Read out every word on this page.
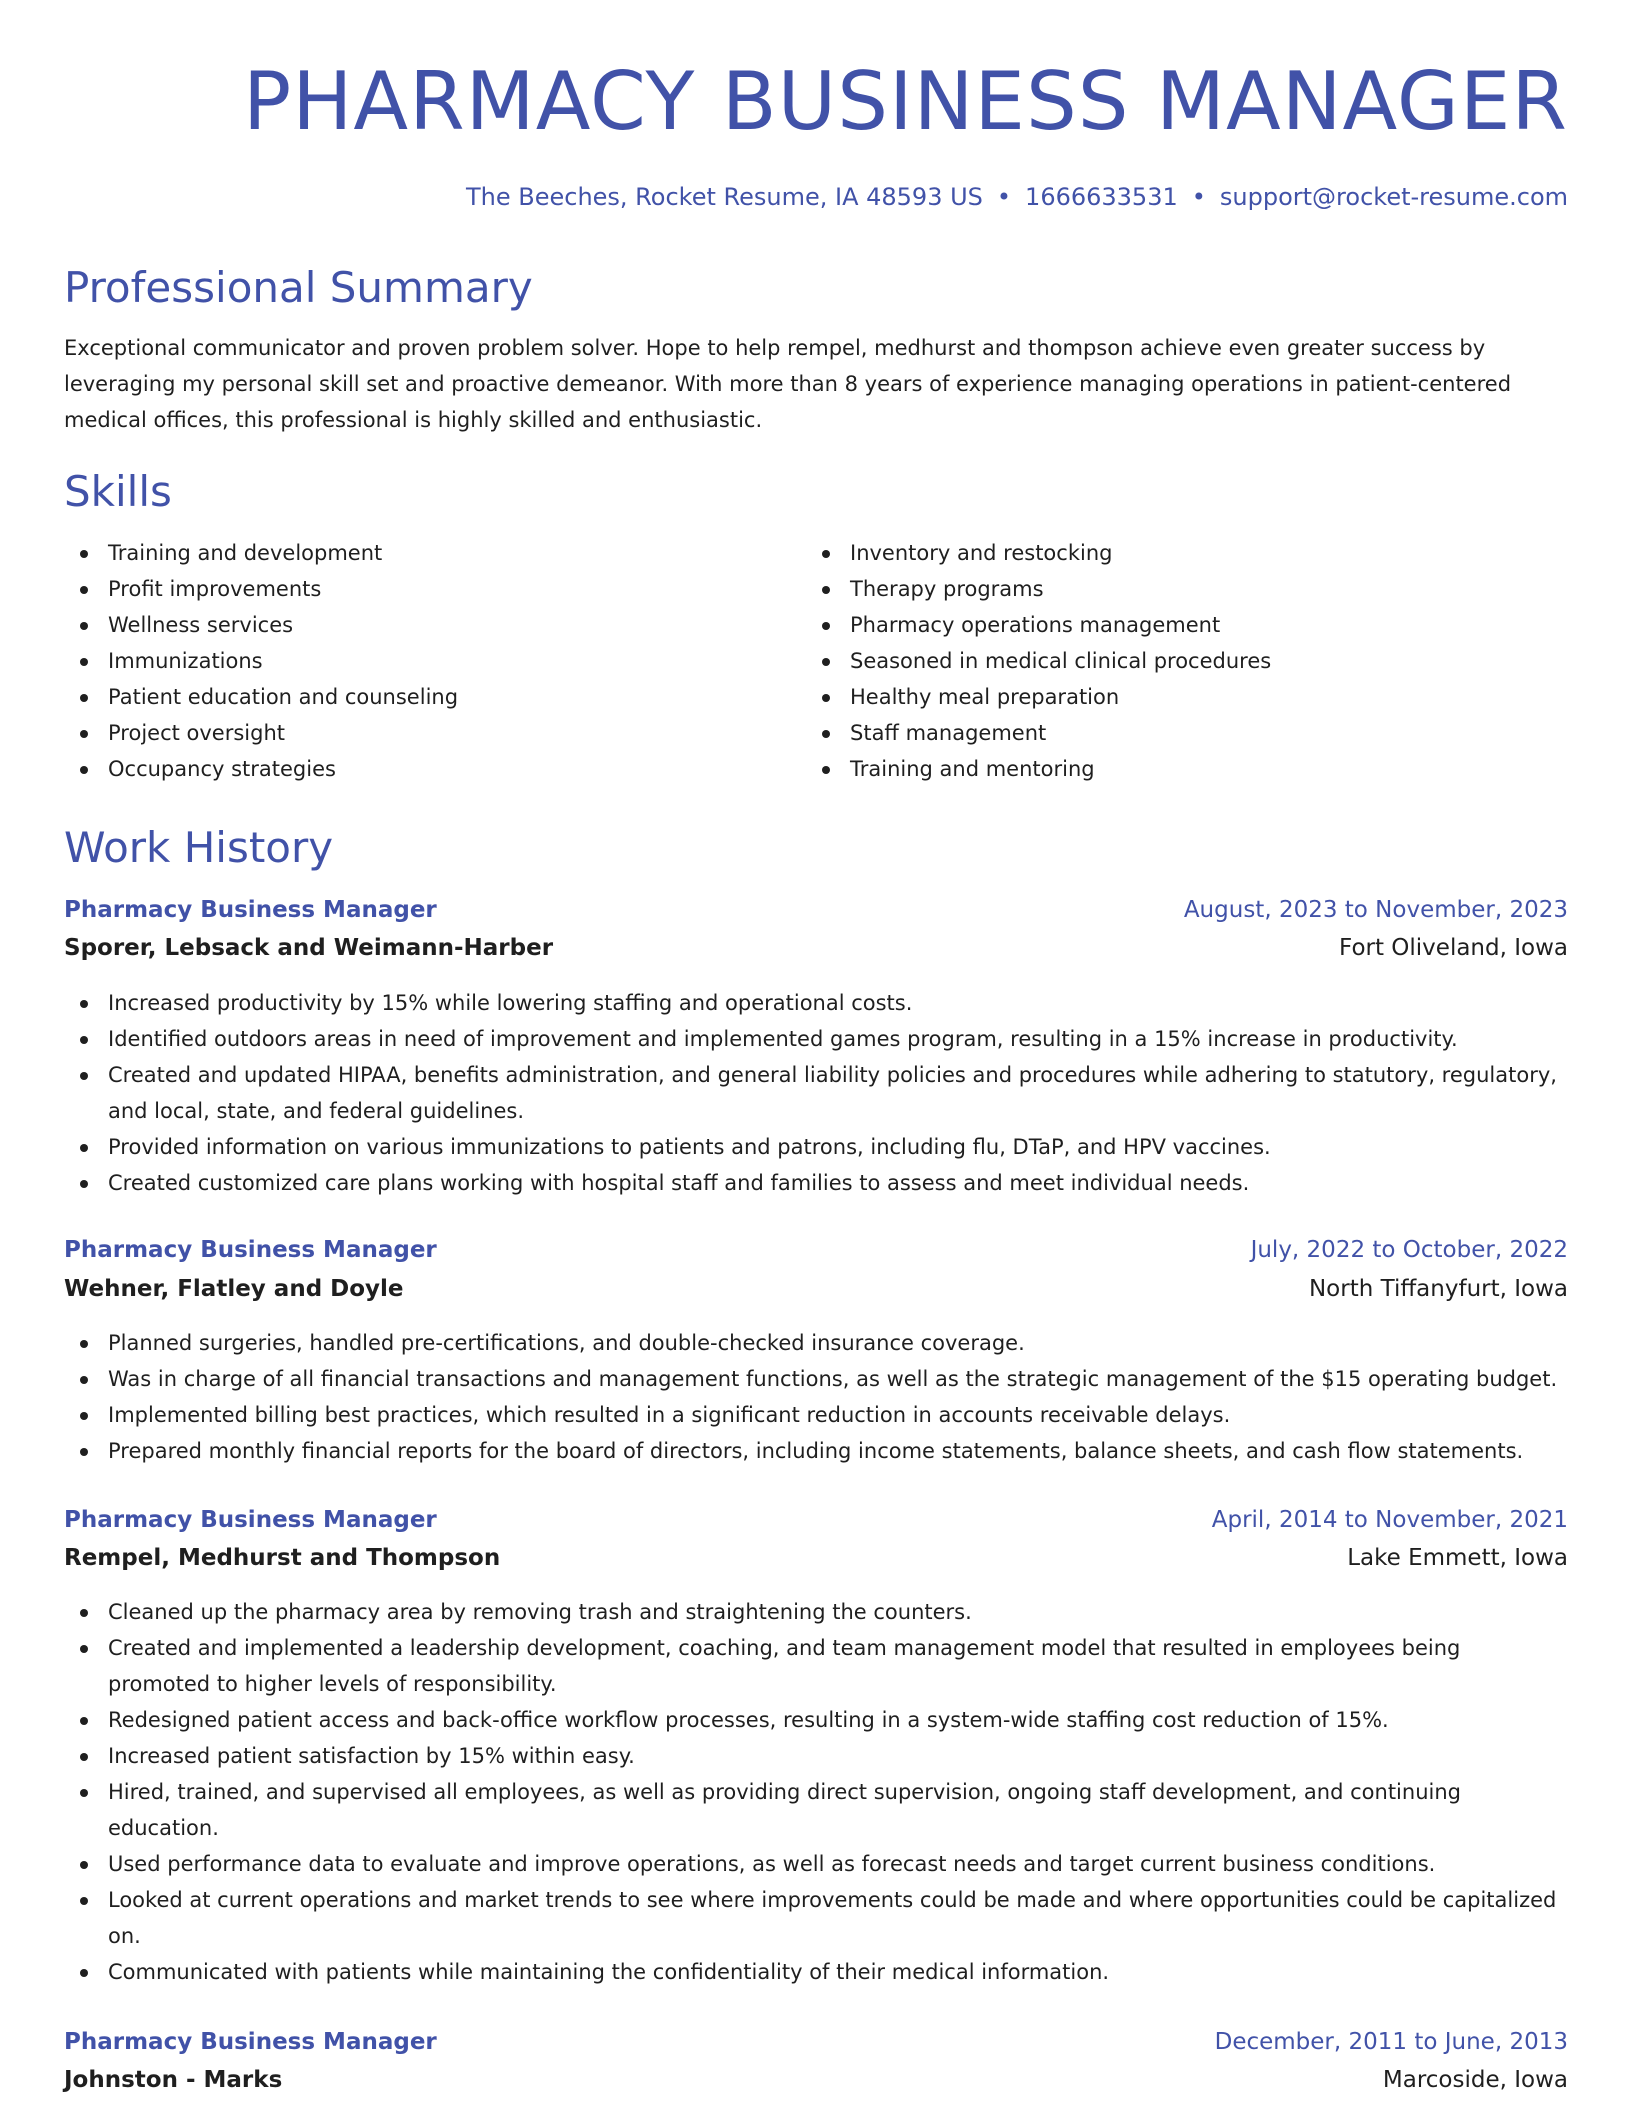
PHARMACY BUSINESS MANAGER
The Beeches, Rocket Resume, IA 48593 US • 1666633531 • support@rocket-resume.com
Professional Summary

Exceptional communicator and proven problem solver. Hope to help rempel, medhurst and thompson achieve even greater success by leveraging my personal skill set and proactive demeanor. With more than 8 years of experience managing operations in patient-centered medical offices, this professional is highly skilled and enthusiastic.

Skills
Training and development
Profit improvements
Wellness services
Immunizations
Patient education and counseling
Project oversight
Occupancy strategies
Inventory and restocking
Therapy programs
Pharmacy operations management
Seasoned in medical clinical procedures
Healthy meal preparation
Staff management
Training and mentoring
Work History
Pharmacy Business Manager	August, 2023 to November, 2023
Sporer, Lebsack and Weimann-Harber	Fort Oliveland, Iowa
Increased productivity by 15% while lowering staffing and operational costs.
Identified outdoors areas in need of improvement and implemented games program, resulting in a 15% increase in productivity.
Created and updated HIPAA, benefits administration, and general liability policies and procedures while adhering to statutory, regulatory, and local, state, and federal guidelines.
Provided information on various immunizations to patients and patrons, including flu, DTaP, and HPV vaccines.
Created customized care plans working with hospital staff and families to assess and meet individual needs.
Pharmacy Business Manager	July, 2022 to October, 2022
Wehner, Flatley and Doyle	North Tiffanyfurt, Iowa
Planned surgeries, handled pre-certifications, and double-checked insurance coverage.
Was in charge of all financial transactions and management functions, as well as the strategic management of the $15 operating budget.
Implemented billing best practices, which resulted in a significant reduction in accounts receivable delays.
Prepared monthly financial reports for the board of directors, including income statements, balance sheets, and cash flow statements.
Pharmacy Business Manager	April, 2014 to November, 2021
Rempel, Medhurst and Thompson	Lake Emmett, Iowa
Cleaned up the pharmacy area by removing trash and straightening the counters.
Created and implemented a leadership development, coaching, and team management model that resulted in employees being promoted to higher levels of responsibility.
Redesigned patient access and back-office workflow processes, resulting in a system-wide staffing cost reduction of 15%.
Increased patient satisfaction by 15% within easy.
Hired, trained, and supervised all employees, as well as providing direct supervision, ongoing staff development, and continuing education.
Used performance data to evaluate and improve operations, as well as forecast needs and target current business conditions.
Looked at current operations and market trends to see where improvements could be made and where opportunities could be capitalized on.
Communicated with patients while maintaining the confidentiality of their medical information.
Pharmacy Business Manager	December, 2011 to June, 2013
Johnston - Marks	Marcoside, Iowa
